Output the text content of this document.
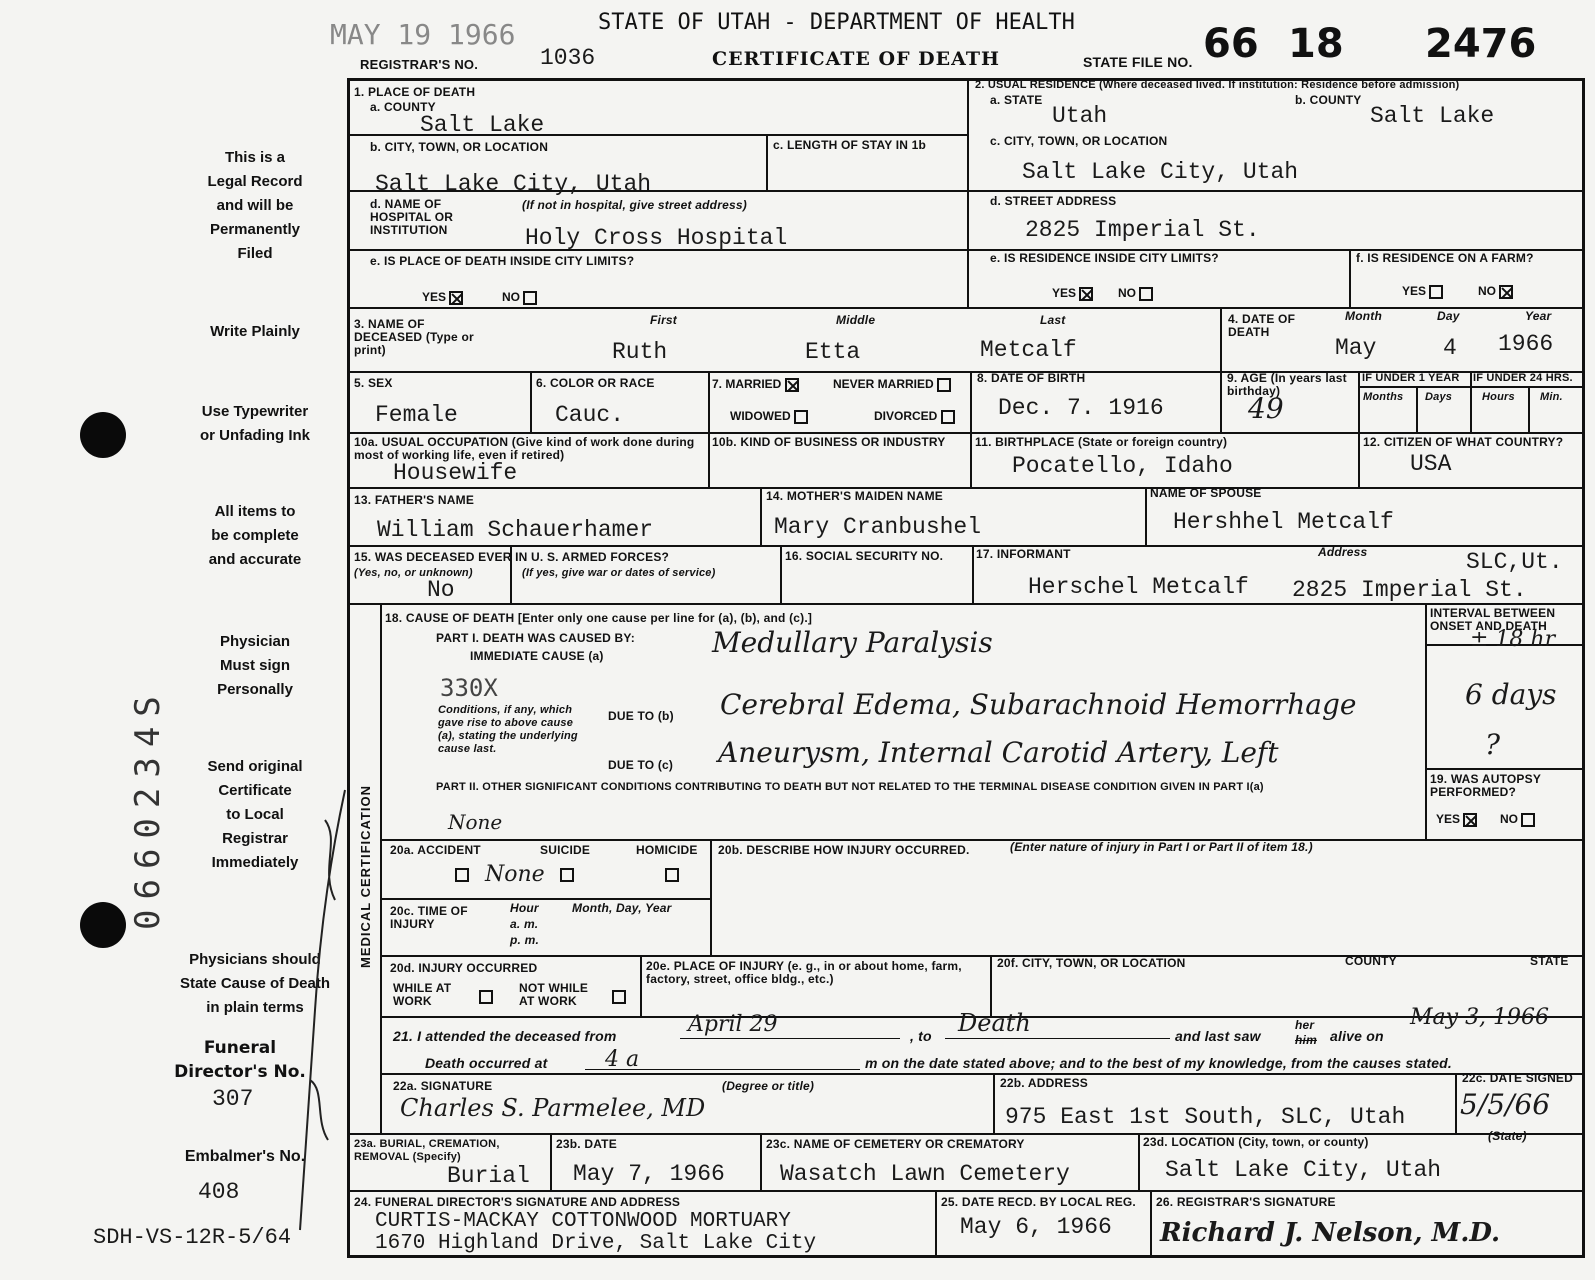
MAY 19 1966
REGISTRAR'S NO.	1036
STATE OF UTAH - DEPARTMENT OF HEALTH
CERTIFICATE OF DEATH	STATE FILE NO. 66 18 2476
This is a
Legal Record
and will be
Permanently
Filed
Write Plainly
Use Typewriter
or Unfading Ink
All items to
be complete
and accurate
Physician
Must sign
Personally
Send original
Certificate
to Local
Registrar
Immediately
Physicians should
State Cause of Death
in plain terms
Funeral
Director's No.
307
Embalmer's No.
408
SDH-VS-12R-5/64
0660234S
1. PLACE OF DEATH
a. COUNTY
Salt Lake
b. CITY, TOWN, OR LOCATION
Salt Lake City, Utah
c. LENGTH OF STAY IN 1b
d. NAME OF HOSPITAL OR INSTITUTION
(If not in hospital, give street address)
Holy Cross Hospital
e. IS PLACE OF DEATH INSIDE CITY LIMITS?
YES	NO
2. USUAL RESIDENCE (Where deceased lived. If institution: Residence before admission)
a. STATE
Utah
b. COUNTY
Salt Lake
c. CITY, TOWN, OR LOCATION
Salt Lake City, Utah
d. STREET ADDRESS
2825 Imperial St.
e. IS RESIDENCE INSIDE CITY LIMITS?
YES	NO
f. IS RESIDENCE ON A FARM?
YES	NO
3. NAME OF DECEASED (Type or print)
First	Middle	Last
Ruth	Etta	Metcalf
4. DATE OF DEATH
Month	Day	Year
May	4 1966
5. SEX
Female
6. COLOR OR RACE
Cauc.
7. MARRIED	NEVER MARRIED
WIDOWED	DIVORCED
8. DATE OF BIRTH
Dec. 7. 1916
9. AGE (In years last birthday)
49
IF UNDER 1 YEAR IF UNDER 24 HRS.
Months Days	Hours Min.
10a. USUAL OCCUPATION (Give kind of work done during most of working life, even if retired)
Housewife
10b. KIND OF BUSINESS OR INDUSTRY 11. BIRTHPLACE (State or foreign country)
Pocatello, Idaho
12. CITIZEN OF WHAT COUNTRY?
USA
13. FATHER'S NAME
William Schauerhamer
14. MOTHER'S MAIDEN NAME
Mary Cranbushel
NAME OF SPOUSE
Hershhel Metcalf
15. WAS DECEASED EVER IN U. S. ARMED FORCES?
(Yes, no, or unknown)	(If yes, give war or dates of service)
No
16. SOCIAL SECURITY NO.	17. INFORMANT	Address	SLC,Ut.
Herschel Metcalf 2825 Imperial St.
MEDICAL CERTIFICATION
18. CAUSE OF DEATH [Enter only one cause per line for (a), (b), and (c).]
PART I. DEATH WAS CAUSED BY:
IMMEDIATE CAUSE (a)	Medullary Paralysis
330X
Conditions, if any, which gave rise to above cause (a), stating the underlying cause last.
DUE TO (b) Cerebral Edema, Subarachnoid Hemorrhage
DUE TO (c) Aneurysm, Internal Carotid Artery, Left
INTERVAL BETWEEN ONSET AND DEATH
± 18 hr
6 days
?
PART II. OTHER SIGNIFICANT CONDITIONS CONTRIBUTING TO DEATH BUT NOT RELATED TO THE TERMINAL DISEASE CONDITION GIVEN IN PART I(a)
None
19. WAS AUTOPSY PERFORMED?
YES	NO
20a. ACCIDENT	SUICIDE	HOMICIDE
None
20b. DESCRIBE HOW INJURY OCCURRED.	(Enter nature of injury in Part I or Part II of item 18.)
20c. TIME OF INJURY
Hour
a. m.
p. m.
Month, Day, Year
20d. INJURY OCCURRED
WHILE AT WORK
NOT WHILE AT WORK
20e. PLACE OF INJURY (e. g., in or about home, farm, factory, street, office bldg., etc.)
20f. CITY, TOWN, OR LOCATION	COUNTY	STATE
21. I attended the deceased from	April 29	, to Death	and last saw
her
him alive on
May 3, 1966
Death occurred at	4 a	m on the date stated above; and to the best of my knowledge, from the causes stated.
22a. SIGNATURE	(Degree or title)
Charles S. Parmelee, MD
22b. ADDRESS
975 East 1st South, SLC, Utah
22c. DATE SIGNED
5/5/66
23a. BURIAL, CREMATION, REMOVAL (Specify)
Burial
23b. DATE
May 7, 1966
23c. NAME OF CEMETERY OR CREMATORY
Wasatch Lawn Cemetery
23d. LOCATION (City, town, or county)	(State)
Salt Lake City, Utah
24. FUNERAL DIRECTOR'S SIGNATURE AND ADDRESS
CURTIS-MACKAY COTTONWOOD MORTUARY
1670 Highland Drive, Salt Lake City
25. DATE RECD. BY LOCAL REG.
May 6, 1966
26. REGISTRAR'S SIGNATURE
Richard J. Nelson, M.D.
